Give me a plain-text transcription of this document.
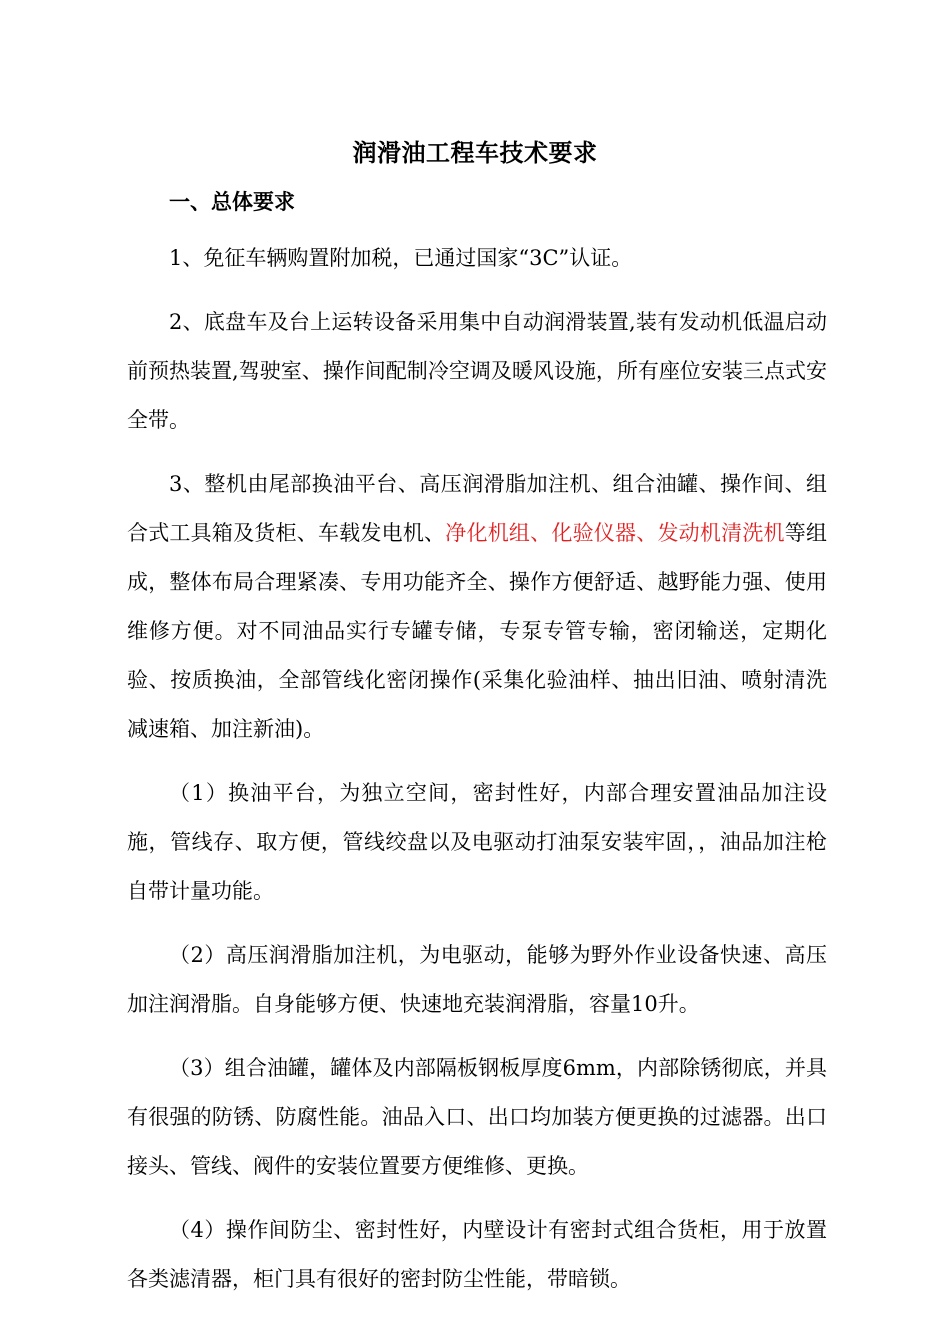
润滑油工程车技术要求
一、总体要求

1、免征车辆购置附加税，已通过国家“3C”认证。

2、底盘车及台上运转设备采用集中自动润滑装置,装有发动机低温启动前预热装置,驾驶室、操作间配制冷空调及暖风设施，所有座位安装三点式安全带。

3、整机由尾部换油平台、高压润滑脂加注机、组合油罐、操作间、组合式工具箱及货柜、车载发电机、净化机组、化验仪器、发动机清洗机等组成，整体布局合理紧凑、专用功能齐全、操作方便舒适、越野能力强、使用维修方便。对不同油品实行专罐专储，专泵专管专输，密闭输送，定期化验、按质换油，全部管线化密闭操作(采集化验油样、抽出旧油、喷射清洗减速箱、加注新油)。

（1）换油平台，为独立空间，密封性好，内部合理安置油品加注设施，管线存、取方便，管线绞盘以及电驱动打油泵安装牢固，，油品加注枪自带计量功能。

（2）高压润滑脂加注机，为电驱动，能够为野外作业设备快速、高压加注润滑脂。自身能够方便、快速地充装润滑脂，容量10升。

（3）组合油罐，罐体及内部隔板钢板厚度6mm，内部除锈彻底，并具有很强的防锈、防腐性能。油品入口、出口均加装方便更换的过滤器。出口接头、管线、阀件的安装位置要方便维修、更换。

（4）操作间防尘、密封性好，内壁设计有密封式组合货柜，用于放置各类滤清器，柜门具有很好的密封防尘性能，带暗锁。
